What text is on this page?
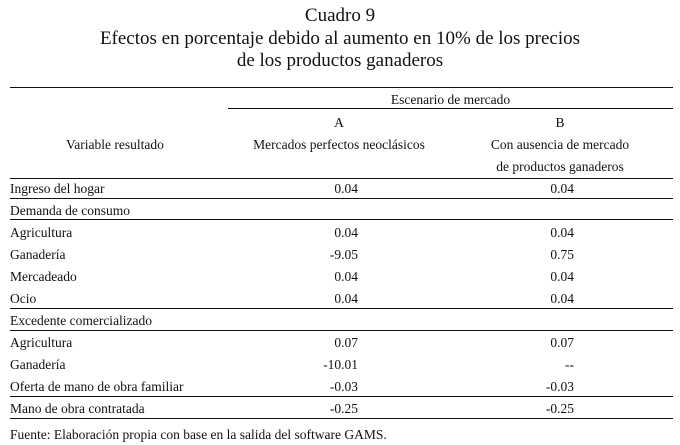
Cuadro 9
Efectos en porcentaje debido al aumento en 10% de los precios
de los productos ganaderos
Escenario de mercado
Variable resultado
A
Mercados perfectos neoclásicos
B
Con ausencia de mercado
de productos ganaderos
Ingreso del hogar	0.04	0.04
Demanda de consumo
Agricultura	0.04	0.04
Ganadería	-9.05	0.75
Mercadeado	0.04	0.04
Ocio	0.04	0.04
Excedente comercializado
Agricultura	0.07	0.07
Ganadería	-10.01	--
Oferta de mano de obra familiar	-0.03	-0.03
Mano de obra contratada	-0.25	-0.25
Fuente: Elaboración propia con base en la salida del software GAMS.
